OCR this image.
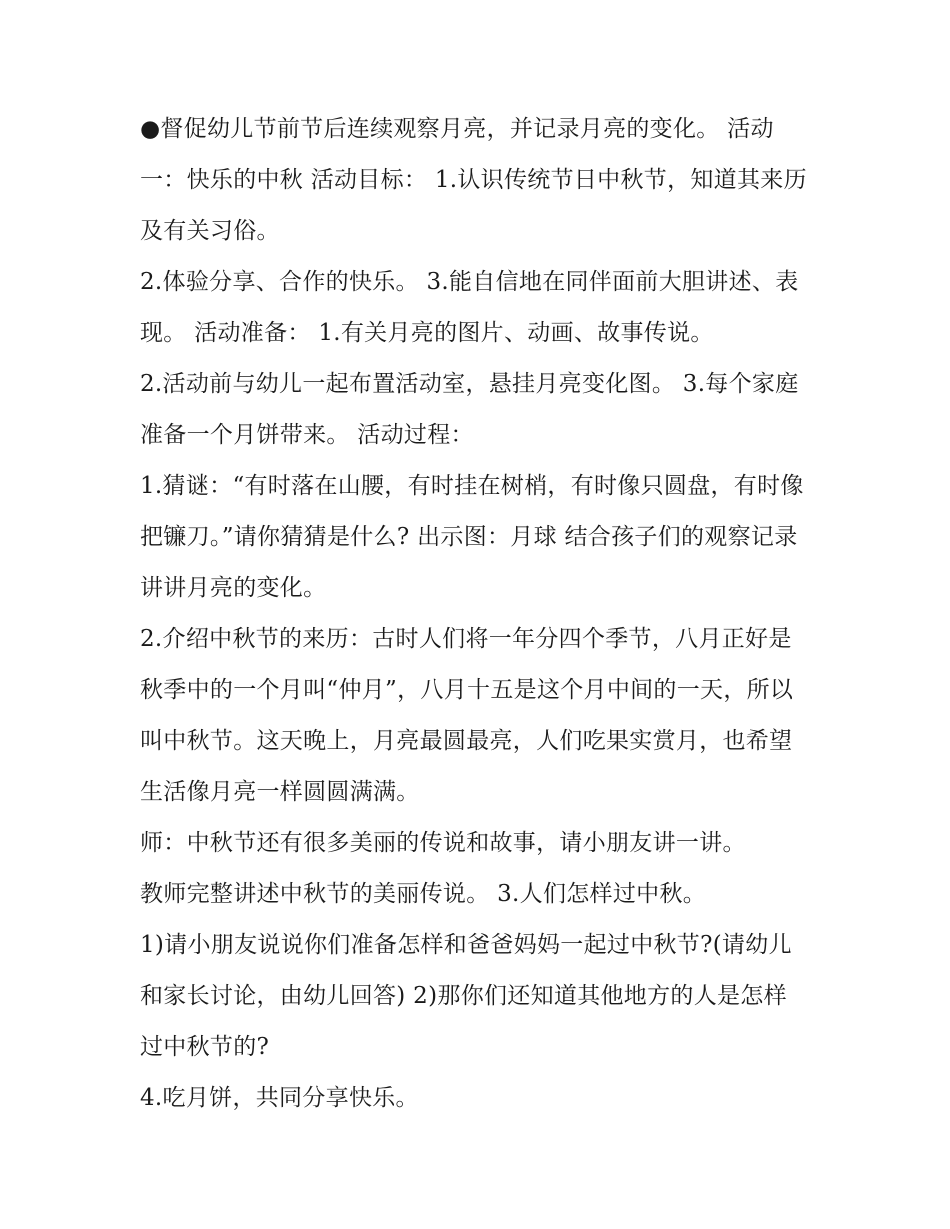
●督促幼儿节前节后连续观察月亮，并记录月亮的变化。 活动一：快乐的中秋 活动目标： 1.认识传统节日中秋节，知道其来历及有关习俗。

2.体验分享、合作的快乐。 3.能自信地在同伴面前大胆讲述、表现。 活动准备： 1.有关月亮的图片、动画、故事传说。

2.活动前与幼儿一起布置活动室，悬挂月亮变化图。 3.每个家庭准备一个月饼带来。 活动过程：

1.猜谜：“有时落在山腰，有时挂在树梢，有时像只圆盘，有时像把镰刀。”请你猜猜是什么? 出示图：月球 结合孩子们的观察记录讲讲月亮的变化。

2.介绍中秋节的来历：古时人们将一年分四个季节，八月正好是秋季中的一个月叫“仲月”，八月十五是这个月中间的一天，所以叫中秋节。这天晚上，月亮最圆最亮，人们吃果实赏月，也希望生活像月亮一样圆圆满满。

师：中秋节还有很多美丽的传说和故事，请小朋友讲一讲。

教师完整讲述中秋节的美丽传说。 3.人们怎样过中秋。

1)请小朋友说说你们准备怎样和爸爸妈妈一起过中秋节?(请幼儿和家长讨论，由幼儿回答) 2)那你们还知道其他地方的人是怎样过中秋节的?

4.吃月饼，共同分享快乐。
